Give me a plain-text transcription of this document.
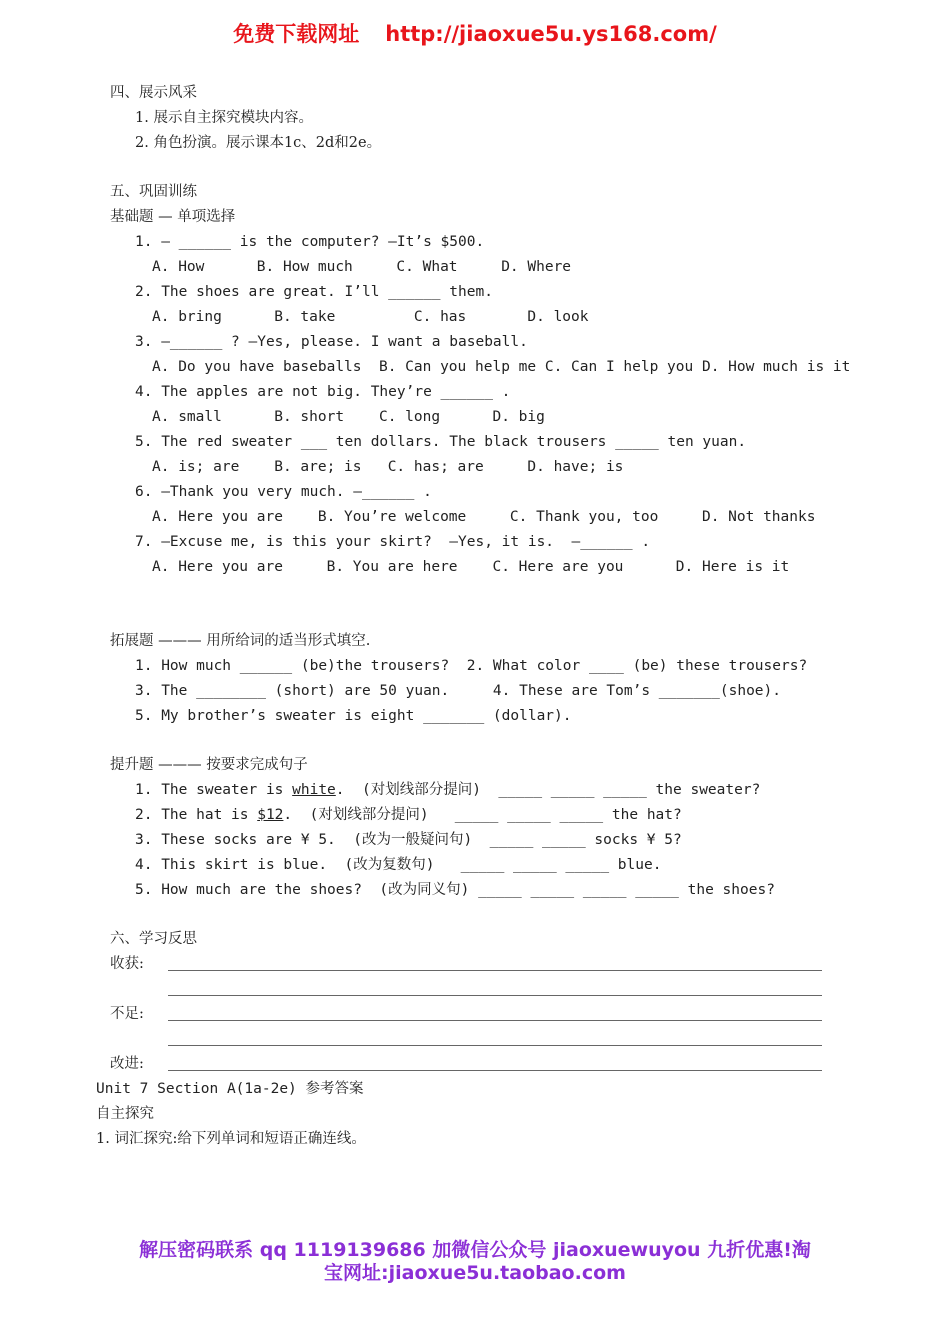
免费下载网址 http://jiaoxue5u.ys168.com/
四、展示风采
1. 展示自主探究模块内容。
2. 角色扮演。展示课本1c、2d和2e。
五、巩固训练
基础题 — 单项选择
1. — ______ is the computer? —It’s $500.
A. How      B. How much     C. What     D. Where
2. The shoes are great. I’ll ______ them.
A. bring      B. take         C. has       D. look
3. —______ ? —Yes, please. I want a baseball.
A. Do you have baseballs  B. Can you help me C. Can I help you D. How much is it
4. The apples are not big. They’re ______ .
A. small      B. short    C. long      D. big
5. The red sweater ___ ten dollars. The black trousers _____ ten yuan.
A. is; are    B. are; is   C. has; are     D. have; is
6. —Thank you very much. —______ .
A. Here you are    B. You’re welcome     C. Thank you, too     D. Not thanks
7. —Excuse me, is this your skirt?  —Yes, it is.  —______ .
A. Here you are     B. You are here    C. Here are you      D. Here is it
拓展题 ——— 用所给词的适当形式填空.
1. How much ______ (be)the trousers?  2. What color ____ (be) these trousers?
3. The ________ (short) are 50 yuan.     4. These are Tom’s _______(shoe).
5. My brother’s sweater is eight _______ (dollar).
提升题 ——— 按要求完成句子
1. The sweater is white.  (对划线部分提问)  _____ _____ _____ the sweater?
2. The hat is $12.  (对划线部分提问)   _____ _____ _____ the hat?
3. These socks are ¥ 5.  (改为一般疑问句)  _____ _____ socks ¥ 5?
4. This skirt is blue.  (改为复数句)   _____ _____ _____ blue.
5. How much are the shoes?  (改为同义句) _____ _____ _____ _____ the shoes?
六、学习反思
收获:
不足:
改进:
Unit 7 Section A(1a-2e) 参考答案
自主探究
1. 词汇探究:给下列单词和短语正确连线。
解压密码联系 qq 1119139686 加微信公众号 jiaoxuewuyou 九折优惠!淘
宝网址:jiaoxue5u.taobao.com
